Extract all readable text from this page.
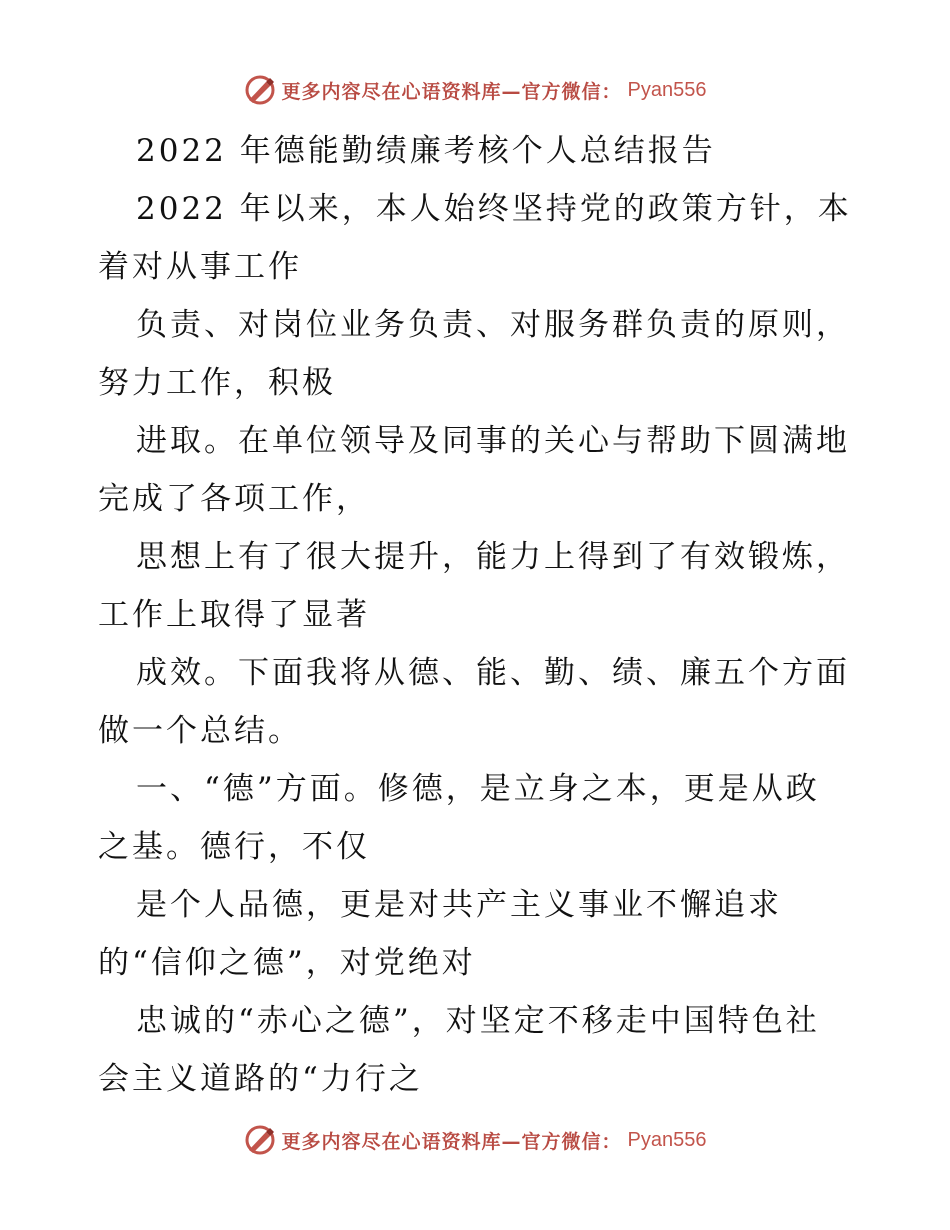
更多内容尽在心语资料库—官方微信： Pyan556
2022 年德能勤绩廉考核个人总结报告
2022 年以来，本人始终坚持党的政策方针，本
着对从事工作
负责、对岗位业务负责、对服务群负责的原则，
努力工作，积极
进取。在单位领导及同事的关心与帮助下圆满地
完成了各项工作，
思想上有了很大提升，能力上得到了有效锻炼，
工作上取得了显著
成效。下面我将从德、能、勤、绩、廉五个方面
做一个总结。
一、“德”方面。修德，是立身之本，更是从政
之基。德行，不仅
是个人品德，更是对共产主义事业不懈追求
的“信仰之德”，对党绝对
忠诚的“赤心之德”，对坚定不移走中国特色社
会主义道路的“力行之
更多内容尽在心语资料库—官方微信： Pyan556
